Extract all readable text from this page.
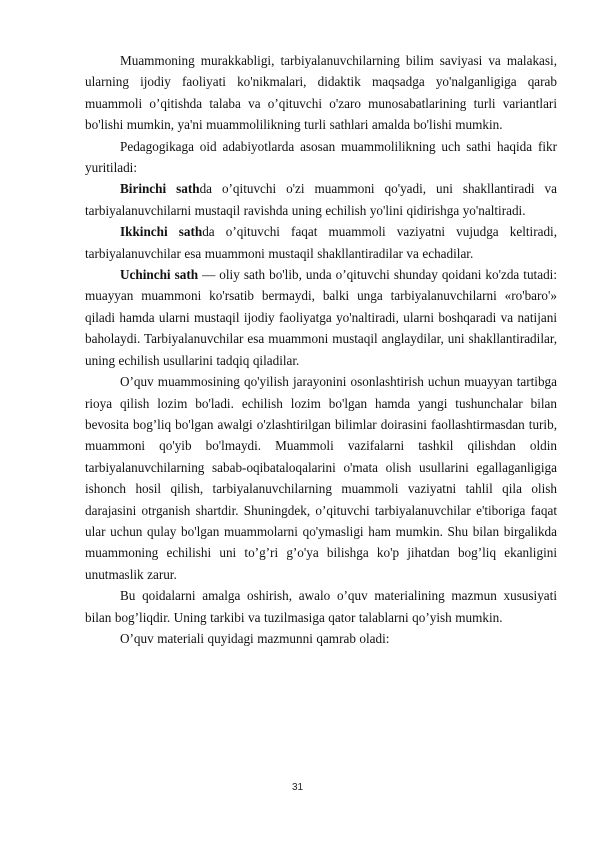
Muammoning murakkabligi, tarbiyalanuvchilarning bilim saviyasi va malakasi, ularning ijodiy faoliyati ko'nikmalari, didaktik maqsadga yo'nalganligiga qarab muammoli o’qitishda talaba va o’qituvchi o'zaro munosabatlarining turli variantlari bo'lishi mumkin, ya'ni muammolilikning turli sathlari amalda bo'lishi mumkin.

Pedagogikaga oid adabiyotlarda asosan muammolilikning uch sathi haqida fikr yuritiladi:

Birinchi sathda o’qituvchi o'zi muammoni qo'yadi, uni shakllantiradi va tarbiyalanuvchilarni mustaqil ravishda uning echilish yo'lini qidirishga yo'naltiradi.

Ikkinchi sathda o’qituvchi faqat muammoli vaziyatni vujudga keltiradi, tarbiyalanuvchilar esa muammoni mustaqil shakllantiradilar va echadilar.

Uchinchi sath — oliy sath bo'lib, unda o’qituvchi shunday qoidani ko'zda tutadi: muayyan muammoni ko'rsatib bermaydi, balki unga tarbiyalanuvchilarni «ro'baro'» qiladi hamda ularni mustaqil ijodiy faoliyatga yo'naltiradi, ularni boshqaradi va natijani baholaydi. Tarbiyalanuvchilar esa muammoni mustaqil anglaydilar, uni shakllantiradilar, uning echilish usullarini tadqiq qiladilar.

O’quv muammosining qo'yilish jarayonini osonlashtirish uchun muayyan tartibga rioya qilish lozim bo'ladi. echilish lozim bo'lgan hamda yangi tushunchalar bilan bevosita bog’liq bo'lgan awalgi o'zlashtirilgan bilimlar doirasini faollashtirmasdan turib, muammoni qo'yib bo'lmaydi. Muammoli vazifalarni tashkil qilishdan oldin tarbiyalanuvchilarning sabab-oqibataloqalarini o'mata olish usullarini egallaganligiga ishonch hosil qilish, tarbiyalanuvchilarning muammoli vaziyatni tahlil qila olish darajasini otrganish shartdir. Shuningdek, o’qituvchi tarbiyalanuvchilar e'tiboriga faqat ular uchun qulay bo'lgan muammolarni qo'ymasligi ham mumkin. Shu bilan birgalikda muammoning echilishi uni to’g’ri g’o'ya bilishga ko'p jihatdan bog’liq ekanligini unutmaslik zarur.

Bu qoidalarni amalga oshirish, awalo o’quv materialining mazmun xususiyati bilan bog’liqdir. Uning tarkibi va tuzilmasiga qator talablarni qo’yish mumkin.

O’quv materiali quyidagi mazmunni qamrab oladi:

31
